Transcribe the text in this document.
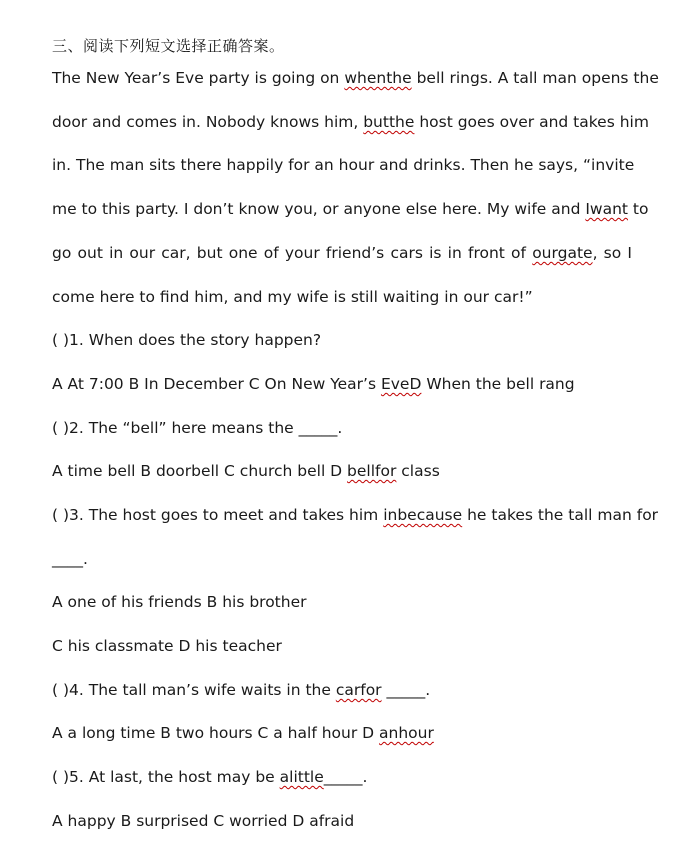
三、阅读下列短文选择正确答案。
The New Year’s Eve party is going on whenthe bell rings. A tall man opens the
door and comes in. Nobody knows him, butthe host goes over and takes him
in. The man sits there happily for an hour and drinks. Then he says, “invite
me to this party. I don’t know you, or anyone else here. My wife and Iwant to
go out in our car, but one of your friend’s cars is in front of ourgate, so I
come here to find him, and my wife is still waiting in our car!”
( )1. When does the story happen?
A At 7:00 B In December C On New Year’s EveD When the bell rang
( )2. The “bell” here means the _____.
A time bell B doorbell C church bell D bellfor class
( )3. The host goes to meet and takes him inbecause he takes the tall man for
____.
A one of his friends B his brother
C his classmate D his teacher
( )4. The tall man’s wife waits in the carfor _____.
A a long time B two hours C a half hour D anhour
( )5. At last, the host may be alittle_____.
A happy B surprised C worried D afraid
